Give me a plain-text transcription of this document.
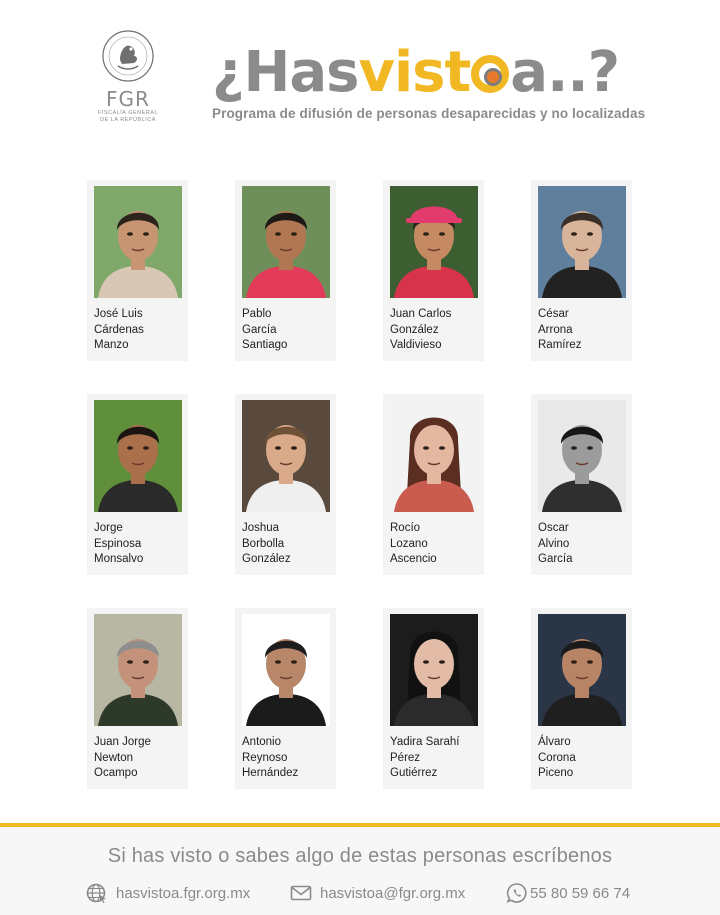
FGR
FISCALÍA GENERAL
DE LA REPÚBLICA
¿Hasvist a..?
Programa de difusión de personas desaparecidas y no localizadas
José Luis
Cárdenas
Manzo
Pablo
García
Santiago
Juan Carlos
González
Valdivieso
César
Arrona
Ramírez
Jorge
Espinosa
Monsalvo
Joshua
Borbolla
González
Rocío
Lozano
Ascencio
Oscar
Alvino
García
Juan Jorge
Newton
Ocampo
Antonio
Reynoso
Hernández
Yadira Sarahí
Pérez
Gutiérrez
Álvaro
Corona
Piceno
Si has visto o sabes algo de estas personas escríbenos
hasvistoa.fgr.org.mx	hasvistoa@fgr.org.mx	55 80 59 66 74
